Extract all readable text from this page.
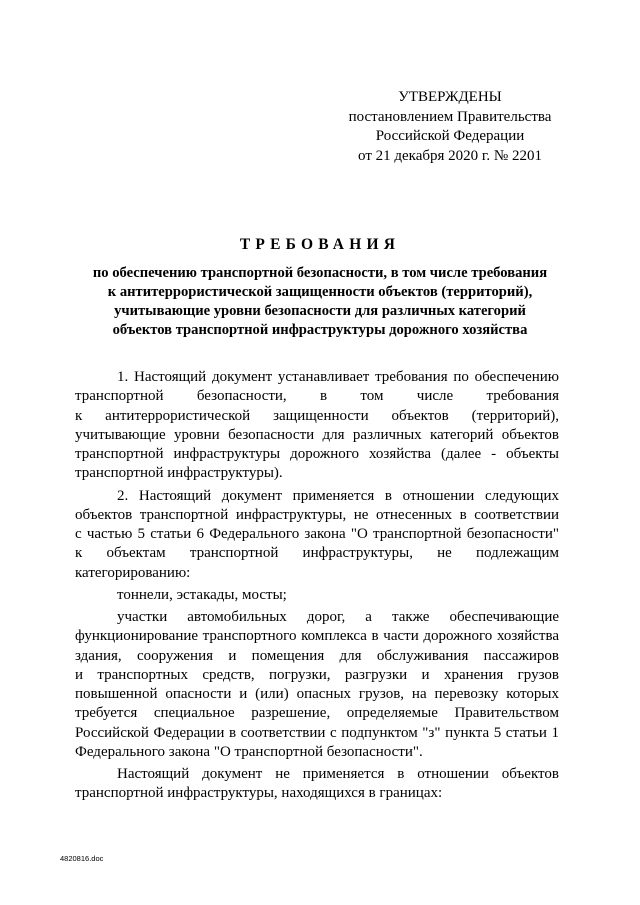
УТВЕРЖДЕНЫ
постановлением Правительства
Российской Федерации
от 21 декабря 2020 г. № 2201
ТРЕБОВАНИЯ
по обеспечению транспортной безопасности, в том числе требования
к антитеррористической защищенности объектов (территорий),
учитывающие уровни безопасности для различных категорий
объектов транспортной инфраструктуры дорожного хозяйства
1. Настоящий документ устанавливает требования по обеспечению
транспортной безопасности, в том числе требования
к антитеррористической защищенности объектов (территорий),
учитывающие уровни безопасности для различных категорий объектов
транспортной инфраструктуры дорожного хозяйства (далее - объекты
транспортной инфраструктуры).
2. Настоящий документ применяется в отношении следующих
объектов транспортной инфраструктуры, не отнесенных в соответствии
с частью 5 статьи 6 Федерального закона "О транспортной безопасности"
к объектам транспортной инфраструктуры, не подлежащим
категорированию:
тоннели, эстакады, мосты;
участки автомобильных дорог, а также обеспечивающие
функционирование транспортного комплекса в части дорожного хозяйства
здания, сооружения и помещения для обслуживания пассажиров
и транспортных средств, погрузки, разгрузки и хранения грузов
повышенной опасности и (или) опасных грузов, на перевозку которых
требуется специальное разрешение, определяемые Правительством
Российской Федерации в соответствии с подпунктом "з" пункта 5 статьи 1
Федерального закона "О транспортной безопасности".
Настоящий документ не применяется в отношении объектов
транспортной инфраструктуры, находящихся в границах:
4820816.doc
